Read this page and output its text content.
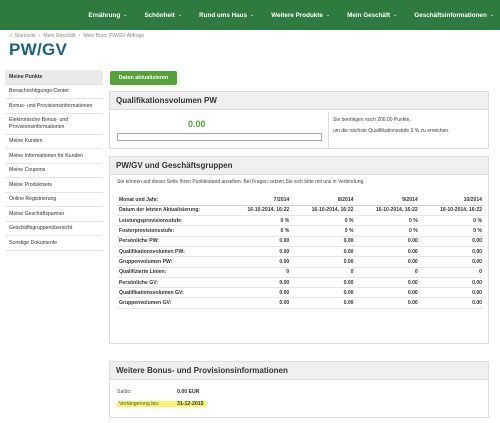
Ernährung ⌄	Schönheit ⌄	Rund ums Haus ⌄	Weitere Produkte ⌄	Mein Geschäft ⌄	Geschäftsinformationen ⌄
⌂ Startseite › Mein Geschäft › Mein Büro: PW/GV Abfrage
PW/GV
Meine Punkte
Benachrichtigungs-Center
Bonus- und Provisionsinformationen
Elektronische Bonus- und Provisionsinformationen
Meine Kunden
Meine Informationen für Kunden
Meine Coupons
Meine Produktsets
Online Registrierung
Meine Geschäftspartner
Geschäftsgruppenübersicht
Sonstige Dokumente
Daten aktualisieren
Qualifikationsvolumen PW
0.00	Sie benötigen noch 200.00 Punkte,
um die nächste Qualifikationsstufe 3 % zu erreichen.
PW/GV und Geschäftsgruppen
Sie können auf dieser Seite Ihren Punktestand ansehen. Bei Fragen setzen Sie sich bitte mit uns in Verbindung.
Monat und Jahr:	7/2014	8/2014	9/2014	10/2014
Datum der letzten Aktualisierung:	16-10-2014, 16:22	16-10-2014, 16:22	16-10-2014, 16:22	16-10-2014, 16:22
Leistungsprovisionsstufe:	0 %	0 %	0 %	0 %
Fosterprovisionsstufe:	0 %	0 %	0 %	0 %
Persönliche PW:	0.00	0.00	0.00	0.00
Qualifikationsvolumen PW:	0.00	0.00	0.00	0.00
Gruppenvolumen PW:	0.00	0.00	0.00	0.00
Qualifizierte Linien:	0	0	0	0
Persönliche GV:	0.00	0.00	0.00	0.00
Qualifikationsvolumen GV:	0.00	0.00	0.00	0.00
Gruppenvolumen GV:	0.00	0.00	0.00	0.00
Weitere Bonus- und Provisionsinformationen
Saldo:	0.00 EUR
Verlängerung bis:	31-12-2015
